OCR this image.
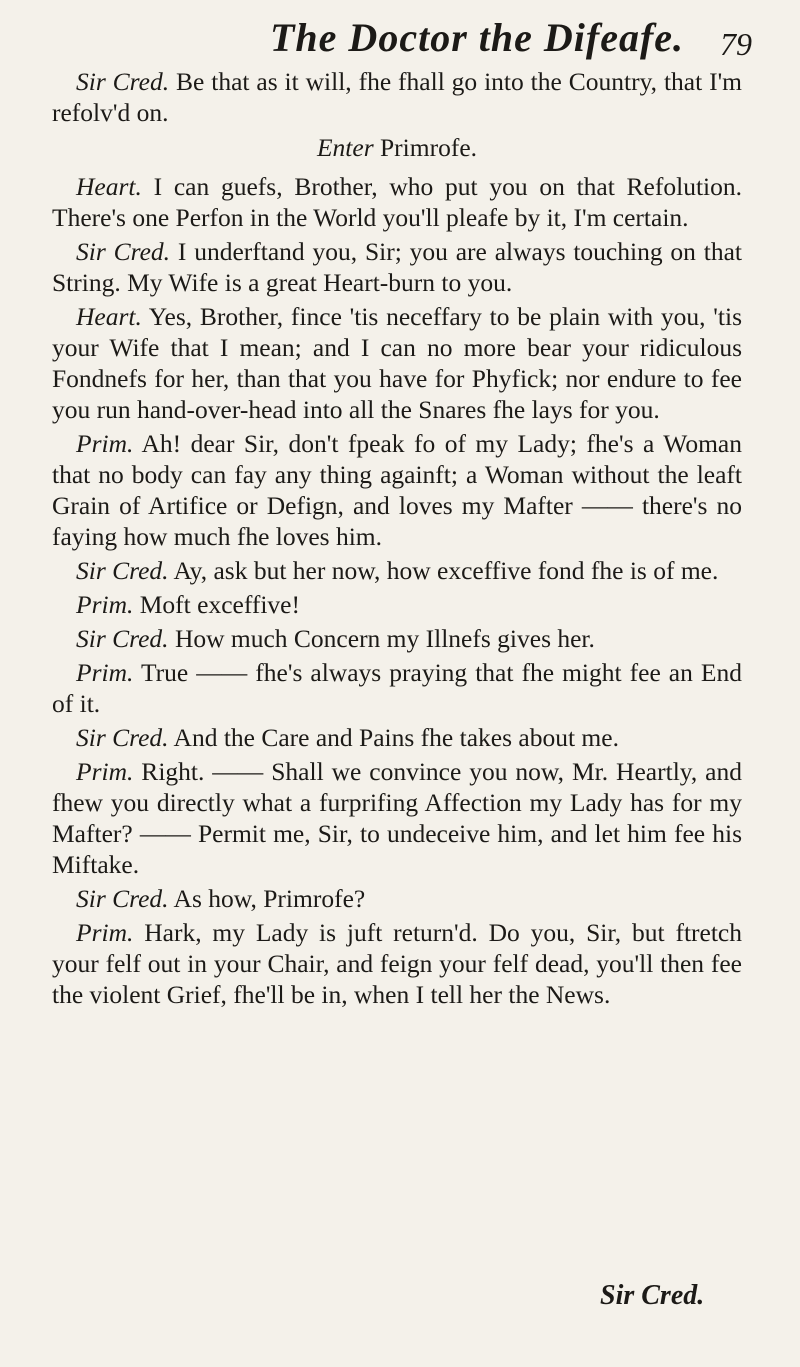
The Doctor the Difeafe. 79

Sir Cred. Be that as it will, fhe fhall go into the Country, that I'm refolv'd on.

Enter Primrofe.

Heart. I can guefs, Brother, who put you on that Refolution. There's one Perfon in the World you'll pleafe by it, I'm certain.

Sir Cred. I underftand you, Sir; you are always touching on that String. My Wife is a great Heart-burn to you.

Heart. Yes, Brother, fince 'tis neceffary to be plain with you, 'tis your Wife that I mean; and I can no more bear your ridiculous Fondnefs for her, than that you have for Phyfick; nor endure to fee you run hand-over-head into all the Snares fhe lays for you.

Prim. Ah! dear Sir, don't fpeak fo of my Lady; fhe's a Woman that no body can fay any thing againft; a Woman without the leaft Grain of Artifice or Defign, and loves my Mafter —— there's no faying how much fhe loves him.

Sir Cred. Ay, ask but her now, how exceffive fond fhe is of me.

Prim. Moft exceffive!

Sir Cred. How much Concern my Illnefs gives her.

Prim. True —— fhe's always praying that fhe might fee an End of it.

Sir Cred. And the Care and Pains fhe takes about me.

Prim. Right. —— Shall we convince you now, Mr. Heartly, and fhew you directly what a furprifing Affection my Lady has for my Mafter? —— Permit me, Sir, to undeceive him, and let him fee his Miftake.

Sir Cred. As how, Primrofe?

Prim. Hark, my Lady is juft return'd. Do you, Sir, but ftretch your felf out in your Chair, and feign your felf dead, you'll then fee the violent Grief, fhe'll be in, when I tell her the News.

Sir Cred.
